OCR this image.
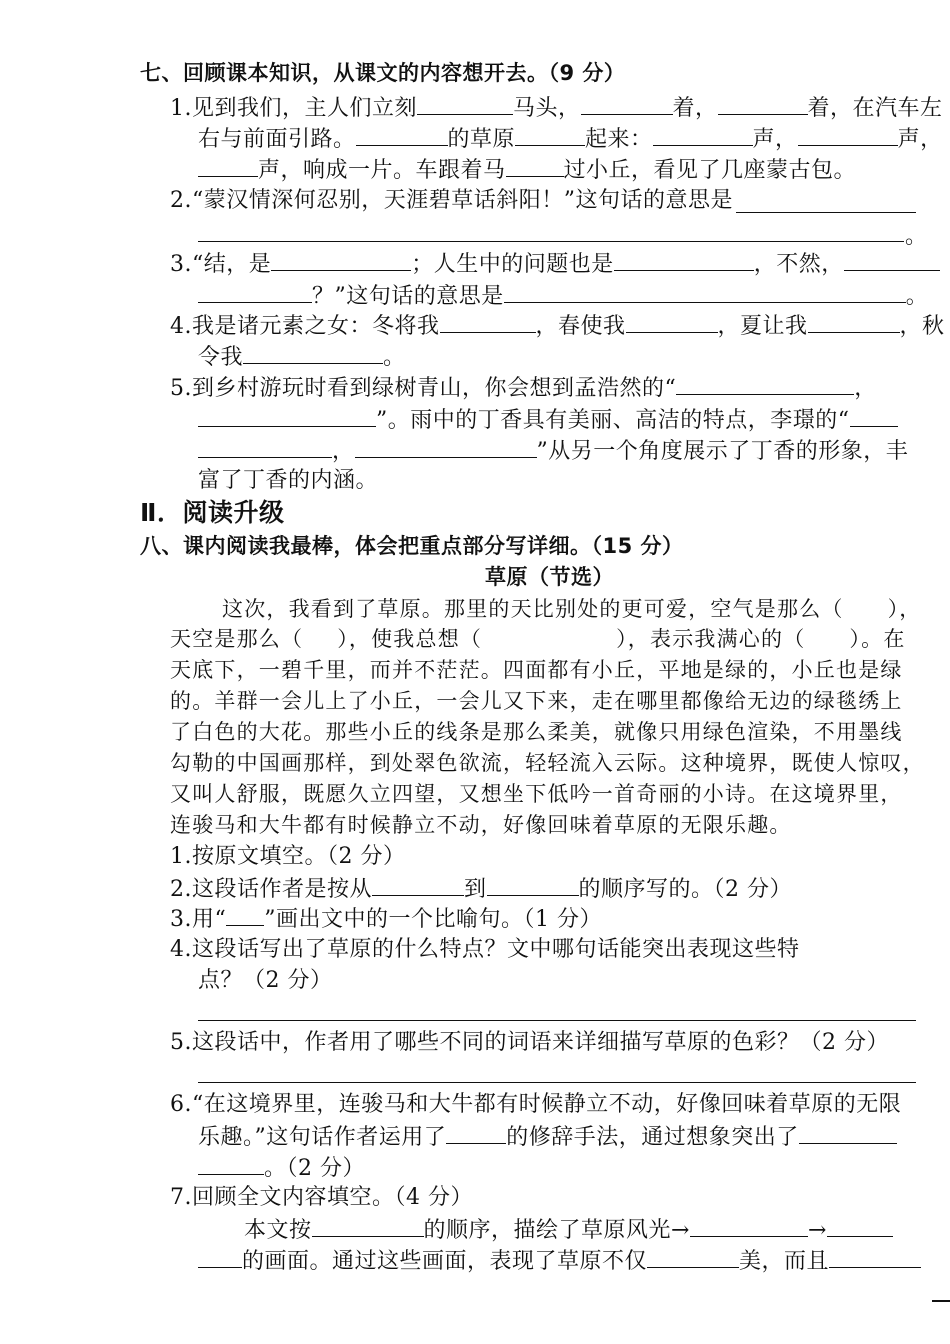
七、回顾课本知识，从课文的内容想开去。（9 分）
1.见到我们，主人们立刻	马头，	着，	着，在汽车左
右与前面引路。	的草原	起来：	声，	声，
声，响成一片。车跟着马	过小丘，看见了几座蒙古包。
2.“蒙汉情深何忍别，天涯碧草话斜阳！”这句话的意思是
。
3.“结，是	；人生中的问题也是	，不然，
？”这句话的意思是	。
4.我是诸元素之女：冬将我	，春使我	，夏让我	，秋
令我	。
5.到乡村游玩时看到绿树青山，你会想到孟浩然的“	，
”。雨中的丁香具有美丽、高洁的特点，李璟的“
，	”从另一个角度展示了丁香的形象，丰
富了丁香的内涵。
Ⅱ．阅读升级
八、课内阅读我最棒，体会把重点部分写详细。（15 分）
草原（节选）
这次，我看到了草原。那里的天比别处的更可爱，空气是那么（ ），
天空是那么（ ），使我总想（	），表示我满心的（ ）。在
天底下，一碧千里，而并不茫茫。四面都有小丘，平地是绿的，小丘也是绿
的。羊群一会儿上了小丘，一会儿又下来，走在哪里都像给无边的绿毯绣上
了白色的大花。那些小丘的线条是那么柔美，就像只用绿色渲染，不用墨线
勾勒的中国画那样，到处翠色欲流，轻轻流入云际。这种境界，既使人惊叹，
又叫人舒服，既愿久立四望，又想坐下低吟一首奇丽的小诗。在这境界里，
连骏马和大牛都有时候静立不动，好像回味着草原的无限乐趣。
1.按原文填空。（2 分）
2.这段话作者是按从	到	的顺序写的。（2 分）
3.用“ ”画出文中的一个比喻句。（1 分）
4.这段话写出了草原的什么特点？文中哪句话能突出表现这些特
点？（2 分）
5.这段话中，作者用了哪些不同的词语来详细描写草原的色彩？（2 分）
6.“在这境界里，连骏马和大牛都有时候静立不动，好像回味着草原的无限
乐趣。”这句话作者运用了	的修辞手法，通过想象突出了
。（2 分）
7.回顾全文内容填空。（4 分）
本文按	的顺序，描绘了草原风光→	→
的画面。通过这些画面，表现了草原不仅	美，而且
